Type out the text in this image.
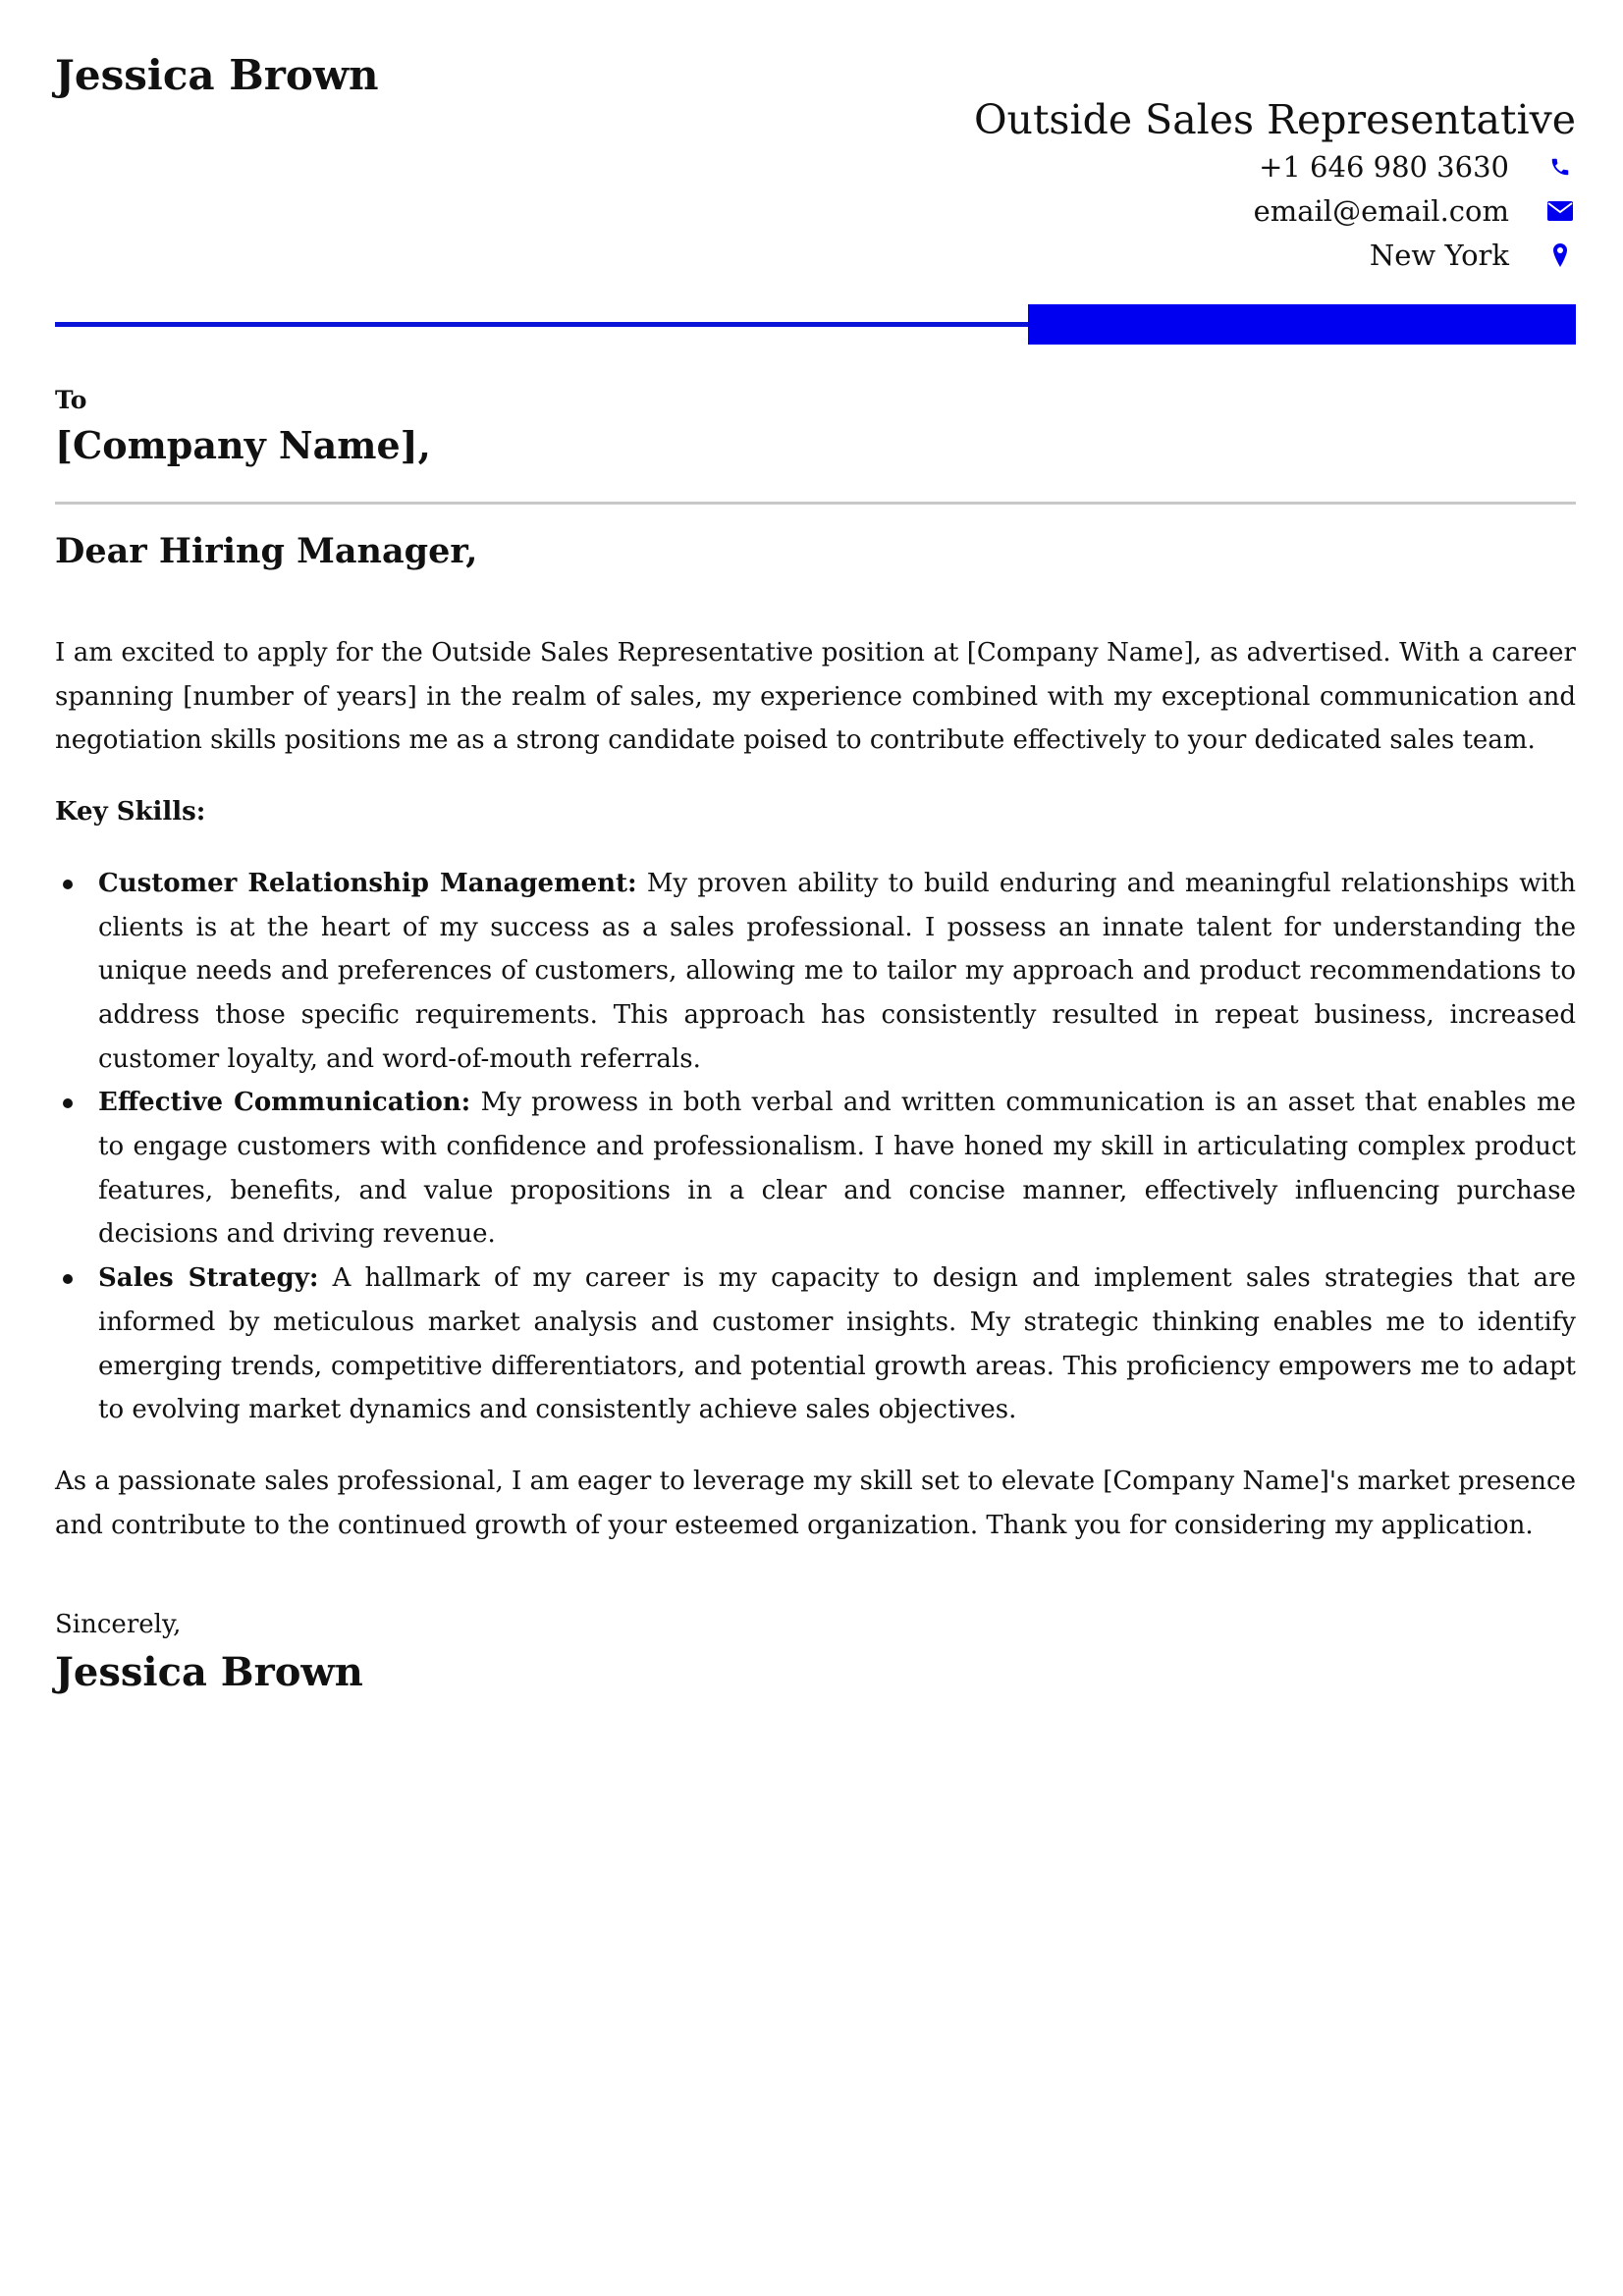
Jessica Brown
Outside Sales Representative
+1 646 980 3630
email@email.com
New York
To
[Company Name],
Dear Hiring Manager,

I am excited to apply for the Outside Sales Representative position at [Company Name], as advertised. With a career spanning [number of years] in the realm of sales, my experience combined with my exceptional communication and negotiation skills positions me as a strong candidate poised to contribute effectively to your dedicated sales team.

Key Skills:

Customer Relationship Management: My proven ability to build enduring and meaningful relationships with clients is at the heart of my success as a sales professional. I possess an innate talent for understanding the unique needs and preferences of customers, allowing me to tailor my approach and product recommendations to address those specific requirements. This approach has consistently resulted in repeat business, increased customer loyalty, and word-of-mouth referrals.
Effective Communication: My prowess in both verbal and written communication is an asset that enables me to engage customers with confidence and professionalism. I have honed my skill in articulating complex product features, benefits, and value propositions in a clear and concise manner, effectively influencing purchase decisions and driving revenue.
Sales Strategy: A hallmark of my career is my capacity to design and implement sales strategies that are informed by meticulous market analysis and customer insights. My strategic thinking enables me to identify emerging trends, competitive differentiators, and potential growth areas. This proficiency empowers me to adapt to evolving market dynamics and consistently achieve sales objectives.

As a passionate sales professional, I am eager to leverage my skill set to elevate [Company Name]'s market presence and contribute to the continued growth of your esteemed organization. Thank you for considering my application.

Sincerely,
Jessica Brown
